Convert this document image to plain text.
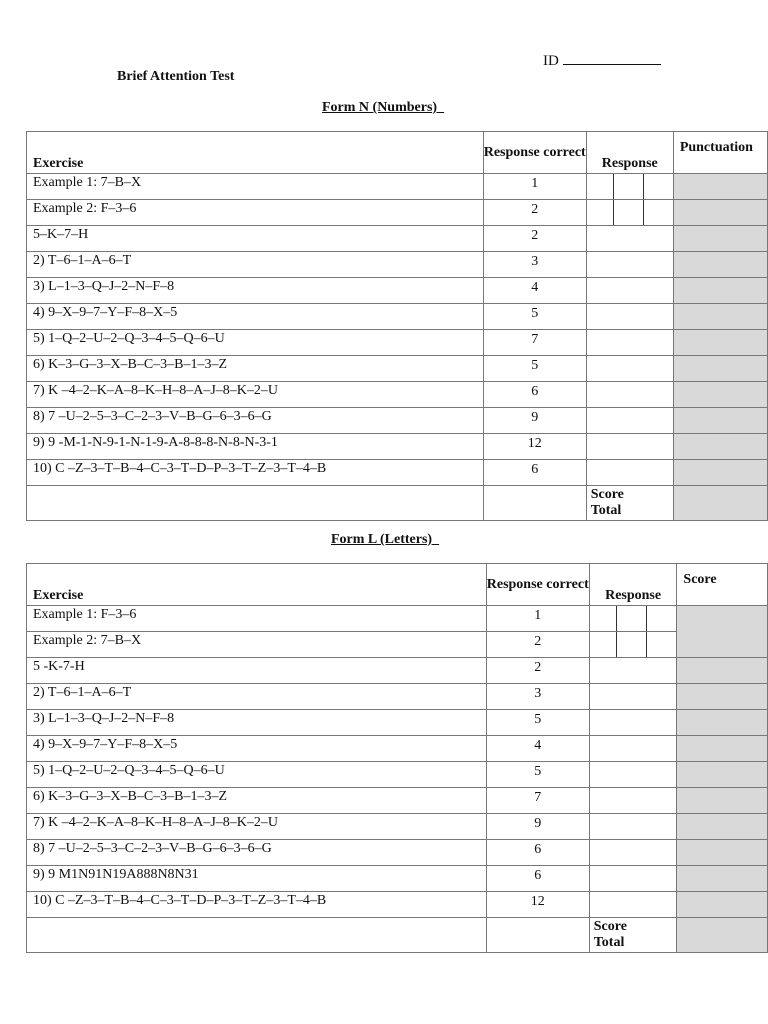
ID
Brief Attention Test
Form N (Numbers)
Exercise	Response correct	Response	Punctuation
Example 1: 7–B–X	1	

Example 2: F–3–6	2	

5–K–7–H	2		
2) T–6–1–A–6–T	3		
3) L–1–3–Q–J–2–N–F–8	4		
4) 9–X–9–7–Y–F–8–X–5	5		
5) 1–Q–2–U–2–Q–3–4–5–Q–6–U	7		
6) K–3–G–3–X–B–C–3–B–1–3–Z	5		
7) K –4–2–K–A–8–K–H–8–A–J–8–K–2–U	6		
8) 7 –U–2–5–3–C–2–3–V–B–G–6–3–6–G	9		
9) 9 -M-1-N-9-1-N-1-9-A-8-8-8-N-8-N-3-1	12		
10) C –Z–3–T–B–4–C–3–T–D–P–3–T–Z–3–T–4–B	6		

		Score
Total	

Form L (Letters)
Exercise	Response correct	Response	Score
Example 1: F–3–6	1	

Example 2: 7–B–X	2		

5 -K-7-H	2		
2) T–6–1–A–6–T	3		
3) L–1–3–Q–J–2–N–F–8	5		
4) 9–X–9–7–Y–F–8–X–5	4		
5) 1–Q–2–U–2–Q–3–4–5–Q–6–U	5		
6) K–3–G–3–X–B–C–3–B–1–3–Z	7		
7) K –4–2–K–A–8–K–H–8–A–J–8–K–2–U	9		
8) 7 –U–2–5–3–C–2–3–V–B–G–6–3–6–G	6		
9) 9 M1N91N19A888N8N31	6		
10) C –Z–3–T–B–4–C–3–T–D–P–3–T–Z–3–T–4–B	12		

		Score
Total	
